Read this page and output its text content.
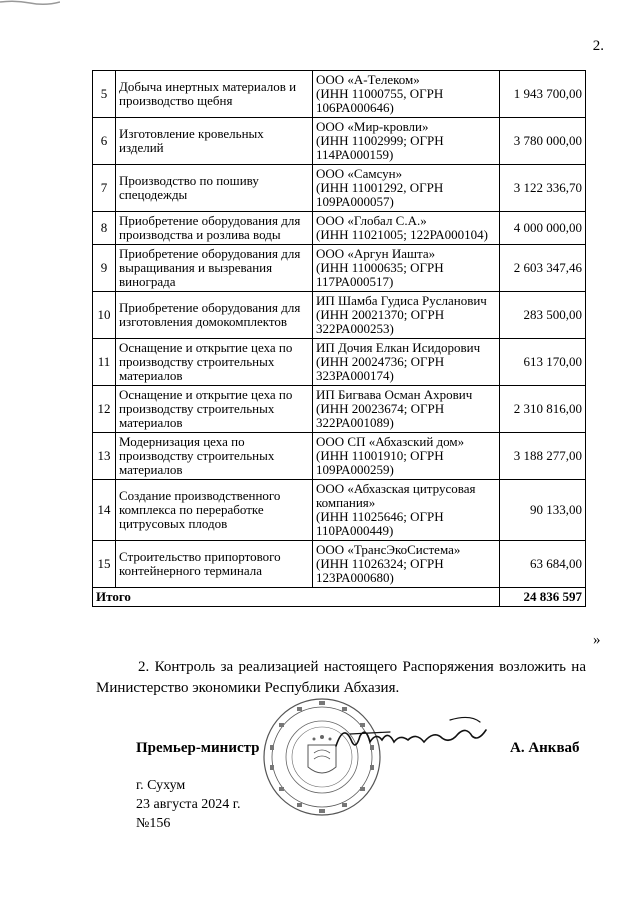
2.
5	Добыча инертных материалов и производство щебня	ООО «А-Телеком»
(ИНН 11000755, ОГРН 106РА000646)	1 943 700,00
6	Изготовление кровельных изделий	ООО «Мир-кровли»
(ИНН 11002999; ОГРН 114РА000159)	3 780 000,00
7	Производство по пошиву спецодежды	ООО «Самсун»
(ИНН 11001292, ОГРН 109РА000057)	3 122 336,70
8	Приобретение оборудования для производства и розлива воды	ООО «Глобал С.А.»
(ИНН 11021005; 122РА000104)	4 000 000,00
9	Приобретение оборудования для выращивания и вызревания винограда	ООО «Аргун Иашта»
(ИНН 11000635; ОГРН 117РА000517)	2 603 347,46
10	Приобретение оборудования для изготовления домокомплектов	ИП Шамба Гудиса Русланович
(ИНН 20021370; ОГРН 322РА000253)	283 500,00
11	Оснащение и открытие цеха по производству строительных материалов	ИП Дочия Елкан Исидорович
(ИНН 20024736; ОГРН 323РА000174)	613 170,00
12	Оснащение и открытие цеха по производству строительных материалов	ИП Бигвава Осман Ахрович
(ИНН 20023674; ОГРН 322РА001089)	2 310 816,00
13	Модернизация цеха по производству строительных материалов	ООО СП «Абхазский дом»
(ИНН 11001910; ОГРН 109РА000259)	3 188 277,00
14	Создание производственного комплекса по переработке цитрусовых плодов	ООО «Абхазская цитрусовая компания»
(ИНН 11025646; ОГРН 110РА000449)	90 133,00
15	Строительство припортового контейнерного терминала	ООО «ТрансЭкоСистема»
(ИНН 11026324; ОГРН 123РА000680)	63 684,00
Итого			24 836 597
»
2. Контроль за реализацией настоящего Распоряжения возложить на Министерство экономики Республики Абхазия.
Премьер-министр	А. Анкваб
г. Сухум
23 августа 2024 г.
№156
